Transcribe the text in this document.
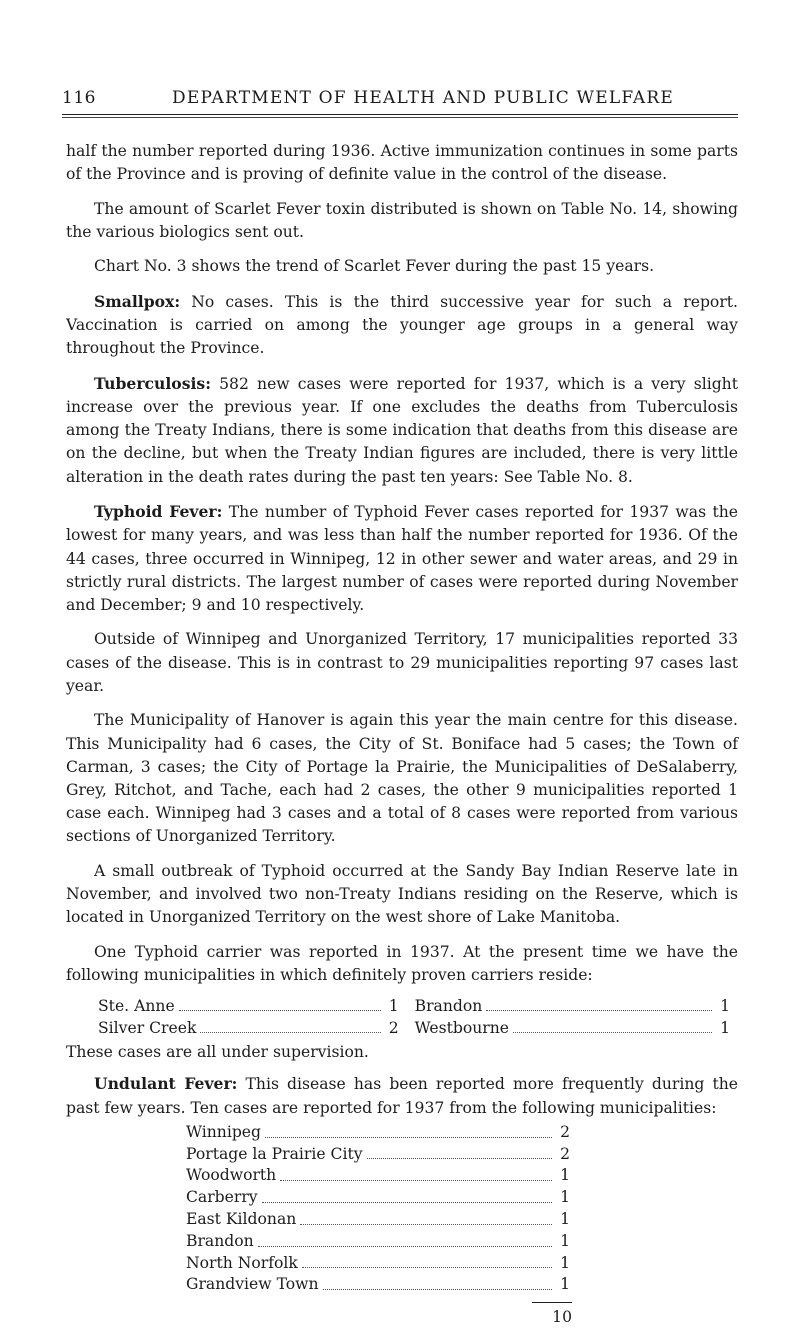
116	DEPARTMENT OF HEALTH AND PUBLIC WELFARE

half the number reported during 1936. Active immunization continues in some parts of the Province and is proving of definite value in the control of the disease.

The amount of Scarlet Fever toxin distributed is shown on Table No. 14, showing the various biologics sent out.

Chart No. 3 shows the trend of Scarlet Fever during the past 15 years.

Smallpox: No cases. This is the third successive year for such a report. Vaccination is carried on among the younger age groups in a general way throughout the Province.

Tuberculosis: 582 new cases were reported for 1937, which is a very slight increase over the previous year. If one excludes the deaths from Tuberculosis among the Treaty Indians, there is some indication that deaths from this disease are on the decline, but when the Treaty Indian figures are included, there is very little alteration in the death rates during the past ten years: See Table No. 8.

Typhoid Fever: The number of Typhoid Fever cases reported for 1937 was the lowest for many years, and was less than half the number reported for 1936. Of the 44 cases, three occurred in Winnipeg, 12 in other sewer and water areas, and 29 in strictly rural districts. The largest number of cases were reported during November and December; 9 and 10 respectively.

Outside of Winnipeg and Unorganized Territory, 17 municipalities reported 33 cases of the disease. This is in contrast to 29 municipalities reporting 97 cases last year.

The Municipality of Hanover is again this year the main centre for this disease. This Municipality had 6 cases, the City of St. Boniface had 5 cases; the Town of Carman, 3 cases; the City of Portage la Prairie, the Municipalities of DeSalaberry, Grey, Ritchot, and Tache, each had 2 cases, the other 9 municipalities reported 1 case each. Winnipeg had 3 cases and a total of 8 cases were reported from various sections of Unorganized Territory.

A small outbreak of Typhoid occurred at the Sandy Bay Indian Reserve late in November, and involved two non-Treaty Indians residing on the Reserve, which is located in Unorganized Territory on the west shore of Lake Manitoba.

One Typhoid carrier was reported in 1937. At the present time we have the following municipalities in which definitely proven carriers reside:

Ste. Anne	1 Brandon	1
Silver Creek	2 Westbourne	1

These cases are all under supervision.

Undulant Fever: This disease has been reported more frequently during the past few years. Ten cases are reported for 1937 from the following municipalities:

Winnipeg	2
Portage la Prairie City	2
Woodworth	1
Carberry	1
East Kildonan	1
Brandon	1
North Norfolk	1
Grandview Town	1
10
